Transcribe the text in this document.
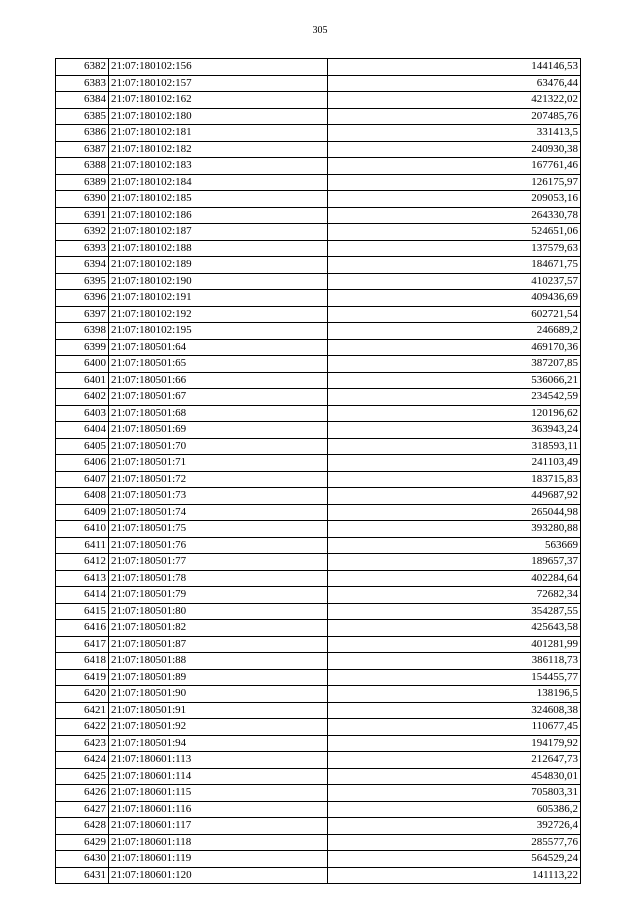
305
6382	21:07:180102:156	144146,53
6383	21:07:180102:157	63476,44
6384	21:07:180102:162	421322,02
6385	21:07:180102:180	207485,76
6386	21:07:180102:181	331413,5
6387	21:07:180102:182	240930,38
6388	21:07:180102:183	167761,46
6389	21:07:180102:184	126175,97
6390	21:07:180102:185	209053,16
6391	21:07:180102:186	264330,78
6392	21:07:180102:187	524651,06
6393	21:07:180102:188	137579,63
6394	21:07:180102:189	184671,75
6395	21:07:180102:190	410237,57
6396	21:07:180102:191	409436,69
6397	21:07:180102:192	602721,54
6398	21:07:180102:195	246689,2
6399	21:07:180501:64	469170,36
6400	21:07:180501:65	387207,85
6401	21:07:180501:66	536066,21
6402	21:07:180501:67	234542,59
6403	21:07:180501:68	120196,62
6404	21:07:180501:69	363943,24
6405	21:07:180501:70	318593,11
6406	21:07:180501:71	241103,49
6407	21:07:180501:72	183715,83
6408	21:07:180501:73	449687,92
6409	21:07:180501:74	265044,98
6410	21:07:180501:75	393280,88
6411	21:07:180501:76	563669
6412	21:07:180501:77	189657,37
6413	21:07:180501:78	402284,64
6414	21:07:180501:79	72682,34
6415	21:07:180501:80	354287,55
6416	21:07:180501:82	425643,58
6417	21:07:180501:87	401281,99
6418	21:07:180501:88	386118,73
6419	21:07:180501:89	154455,77
6420	21:07:180501:90	138196,5
6421	21:07:180501:91	324608,38
6422	21:07:180501:92	110677,45
6423	21:07:180501:94	194179,92
6424	21:07:180601:113	212647,73
6425	21:07:180601:114	454830,01
6426	21:07:180601:115	705803,31
6427	21:07:180601:116	605386,2
6428	21:07:180601:117	392726,4
6429	21:07:180601:118	285577,76
6430	21:07:180601:119	564529,24
6431	21:07:180601:120	141113,22
